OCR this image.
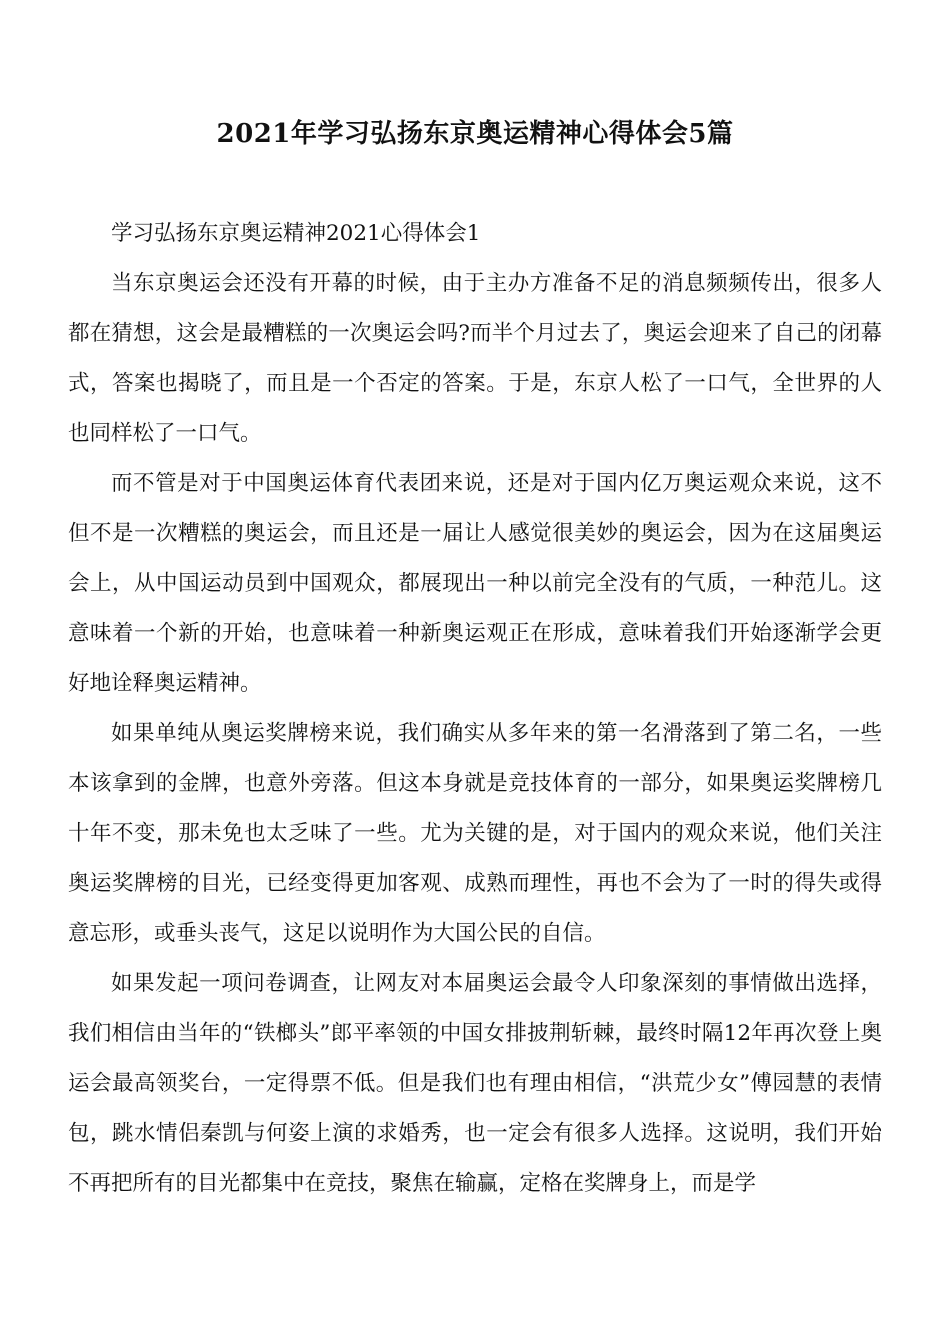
2021年学习弘扬东京奥运精神心得体会5篇

学习弘扬东京奥运精神2021心得体会1

当东京奥运会还没有开幕的时候，由于主办方准备不足的消息频频传出，很多人都在猜想，这会是最糟糕的一次奥运会吗?而半个月过去了，奥运会迎来了自己的闭幕式，答案也揭晓了，而且是一个否定的答案。于是，东京人松了一口气，全世界的人也同样松了一口气。

而不管是对于中国奥运体育代表团来说，还是对于国内亿万奥运观众来说，这不但不是一次糟糕的奥运会，而且还是一届让人感觉很美妙的奥运会，因为在这届奥运会上，从中国运动员到中国观众，都展现出一种以前完全没有的气质，一种范儿。这意味着一个新的开始，也意味着一种新奥运观正在形成，意味着我们开始逐渐学会更好地诠释奥运精神。

如果单纯从奥运奖牌榜来说，我们确实从多年来的第一名滑落到了第二名，一些本该拿到的金牌，也意外旁落。但这本身就是竞技体育的一部分，如果奥运奖牌榜几十年不变，那未免也太乏味了一些。尤为关键的是，对于国内的观众来说，他们关注奥运奖牌榜的目光，已经变得更加客观、成熟而理性，再也不会为了一时的得失或得意忘形，或垂头丧气，这足以说明作为大国公民的自信。

如果发起一项问卷调查，让网友对本届奥运会最令人印象深刻的事情做出选择，我们相信由当年的“铁榔头”郎平率领的中国女排披荆斩棘，最终时隔12年再次登上奥运会最高领奖台，一定得票不低。但是我们也有理由相信，“洪荒少女”傅园慧的表情包，跳水情侣秦凯与何姿上演的求婚秀，也一定会有很多人选择。这说明，我们开始不再把所有的目光都集中在竞技，聚焦在输赢，定格在奖牌身上，而是学
